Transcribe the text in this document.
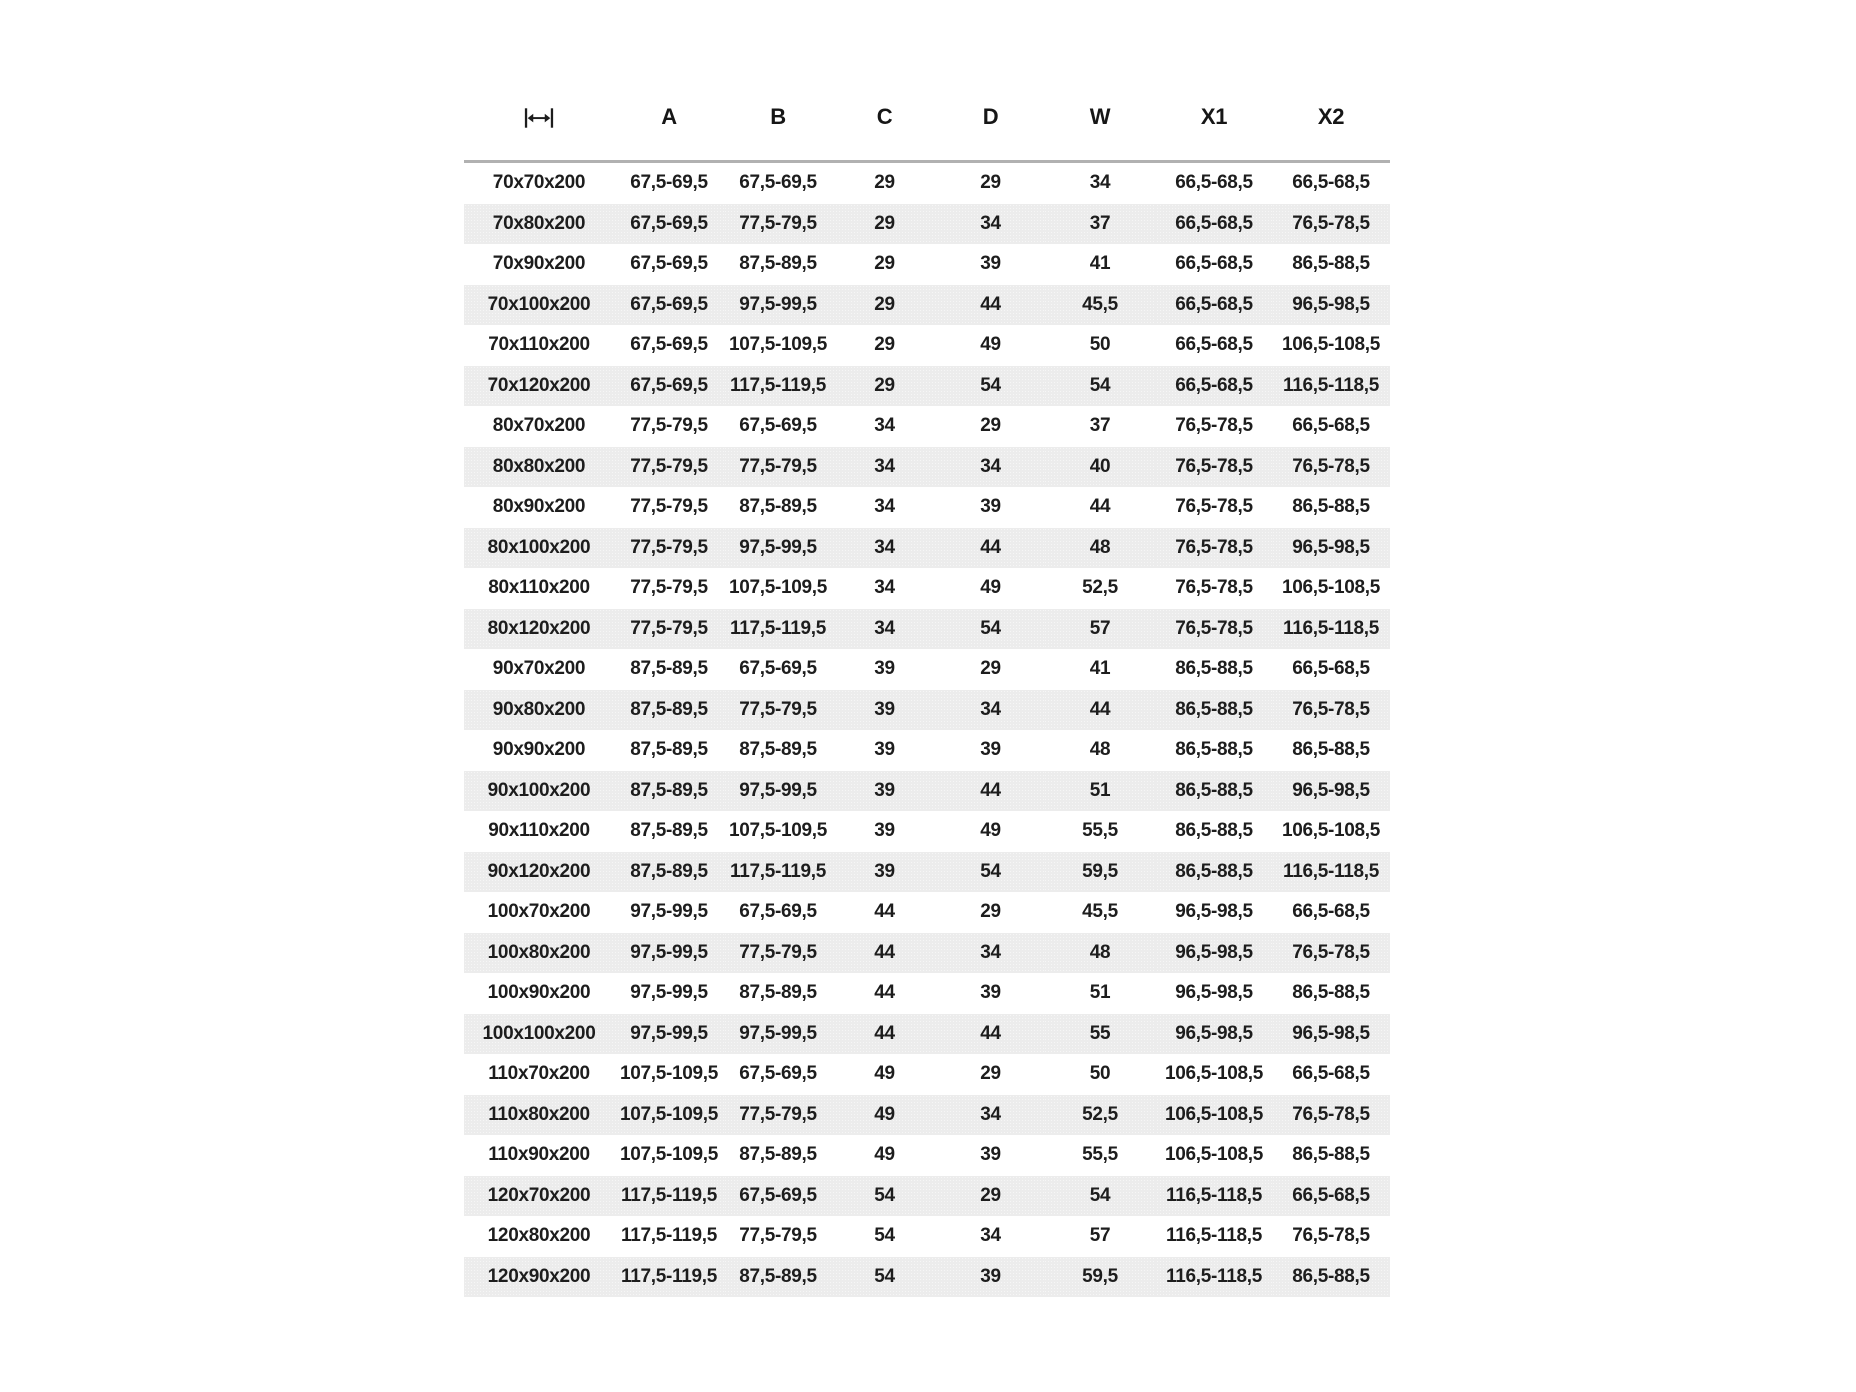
	A	B	C	D	W	X1	X2
70x70x200	67,5-69,5	67,5-69,5	29	29	34	66,5-68,5	66,5-68,5
70x80x200	67,5-69,5	77,5-79,5	29	34	37	66,5-68,5	76,5-78,5
70x90x200	67,5-69,5	87,5-89,5	29	39	41	66,5-68,5	86,5-88,5
70x100x200	67,5-69,5	97,5-99,5	29	44	45,5	66,5-68,5	96,5-98,5
70x110x200	67,5-69,5	107,5-109,5	29	49	50	66,5-68,5	106,5-108,5
70x120x200	67,5-69,5	117,5-119,5	29	54	54	66,5-68,5	116,5-118,5
80x70x200	77,5-79,5	67,5-69,5	34	29	37	76,5-78,5	66,5-68,5
80x80x200	77,5-79,5	77,5-79,5	34	34	40	76,5-78,5	76,5-78,5
80x90x200	77,5-79,5	87,5-89,5	34	39	44	76,5-78,5	86,5-88,5
80x100x200	77,5-79,5	97,5-99,5	34	44	48	76,5-78,5	96,5-98,5
80x110x200	77,5-79,5	107,5-109,5	34	49	52,5	76,5-78,5	106,5-108,5
80x120x200	77,5-79,5	117,5-119,5	34	54	57	76,5-78,5	116,5-118,5
90x70x200	87,5-89,5	67,5-69,5	39	29	41	86,5-88,5	66,5-68,5
90x80x200	87,5-89,5	77,5-79,5	39	34	44	86,5-88,5	76,5-78,5
90x90x200	87,5-89,5	87,5-89,5	39	39	48	86,5-88,5	86,5-88,5
90x100x200	87,5-89,5	97,5-99,5	39	44	51	86,5-88,5	96,5-98,5
90x110x200	87,5-89,5	107,5-109,5	39	49	55,5	86,5-88,5	106,5-108,5
90x120x200	87,5-89,5	117,5-119,5	39	54	59,5	86,5-88,5	116,5-118,5
100x70x200	97,5-99,5	67,5-69,5	44	29	45,5	96,5-98,5	66,5-68,5
100x80x200	97,5-99,5	77,5-79,5	44	34	48	96,5-98,5	76,5-78,5
100x90x200	97,5-99,5	87,5-89,5	44	39	51	96,5-98,5	86,5-88,5
100x100x200	97,5-99,5	97,5-99,5	44	44	55	96,5-98,5	96,5-98,5
110x70x200	107,5-109,5	67,5-69,5	49	29	50	106,5-108,5	66,5-68,5
110x80x200	107,5-109,5	77,5-79,5	49	34	52,5	106,5-108,5	76,5-78,5
110x90x200	107,5-109,5	87,5-89,5	49	39	55,5	106,5-108,5	86,5-88,5
120x70x200	117,5-119,5	67,5-69,5	54	29	54	116,5-118,5	66,5-68,5
120x80x200	117,5-119,5	77,5-79,5	54	34	57	116,5-118,5	76,5-78,5
120x90x200	117,5-119,5	87,5-89,5	54	39	59,5	116,5-118,5	86,5-88,5
